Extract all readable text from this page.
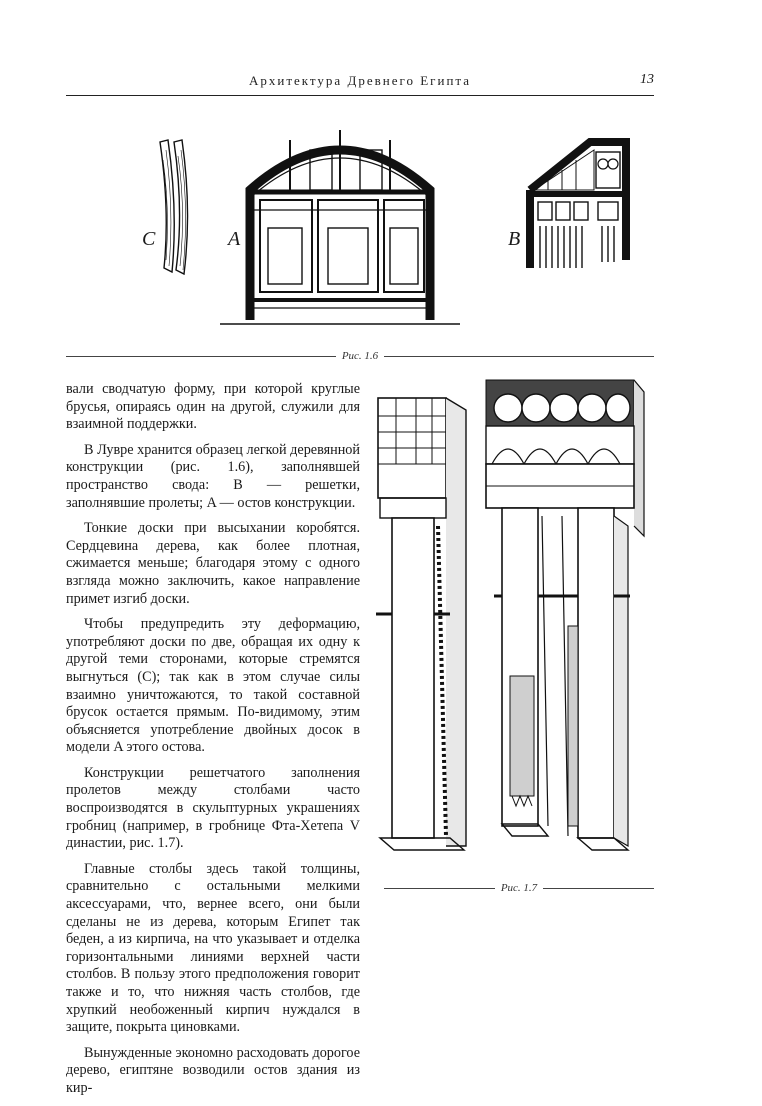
Архитектура Древнего Египта	13
C	A	B
Рис. 1.6

вали сводчатую форму, при которой круглые брусья, опираясь один на другой, служили для взаимной поддержки.

В Лувре хранится образец легкой деревянной конструкции (рис. 1.6), заполнявшей пространство свода: B — решетки, заполнявшие пролеты; A — остов конструкции.

Тонкие доски при высыхании коробятся. Сердцевина дерева, как более плотная, сжимается меньше; благодаря этому с одного взгляда можно заключить, какое направление примет изгиб доски.

Чтобы предупредить эту деформацию, употребляют доски по две, обращая их одну к другой теми сторонами, которые стремятся выгнуться (C); так как в этом случае силы взаимно уничтожаются, то такой составной брусок остается прямым. По-видимому, этим объясняется употребление двойных досок в модели A этого остова.

Конструкции решетчатого заполнения пролетов между столбами часто воспроизводятся в скульптурных украшениях гробниц (например, в гробнице Фта-Хетепа V династии, рис. 1.7).

Главные столбы здесь такой толщины, сравнительно с остальными мелкими аксессуарами, что, вернее всего, они были сделаны не из дерева, которым Египет так беден, а из кирпича, на что указывает и отделка горизонтальными линиями верхней части столбов. В пользу этого предположения говорит также и то, что нижняя часть столбов, где хрупкий необоженный кирпич нуждался в защите, покрыта циновками.

Вынужденные экономно расходовать дорогое дерево, египтяне возводили остов здания из кир-

Рис. 1.7
